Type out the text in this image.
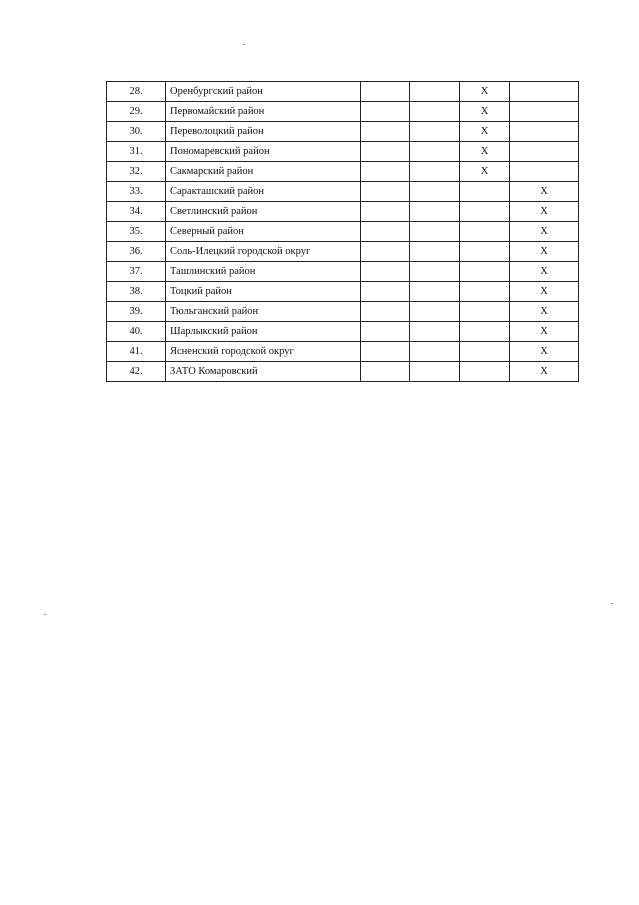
28.	Оренбургский район			X	
29.	Первомайский район			X	
30.	Переволоцкий район			X	
31.	Пономаревский район			X	
32.	Сакмарский район			X	
33.	Саракташский район				X
34.	Светлинский район				X
35.	Северный район				X
36.	Соль-Илецкий городской округ				X
37.	Ташлинский район				X
38.	Тоцкий район				X
39.	Тюльганский район				X
40.	Шарлыкский район				X
41.	Ясненский городской округ				X
42.	ЗАТО Комаровский				X
